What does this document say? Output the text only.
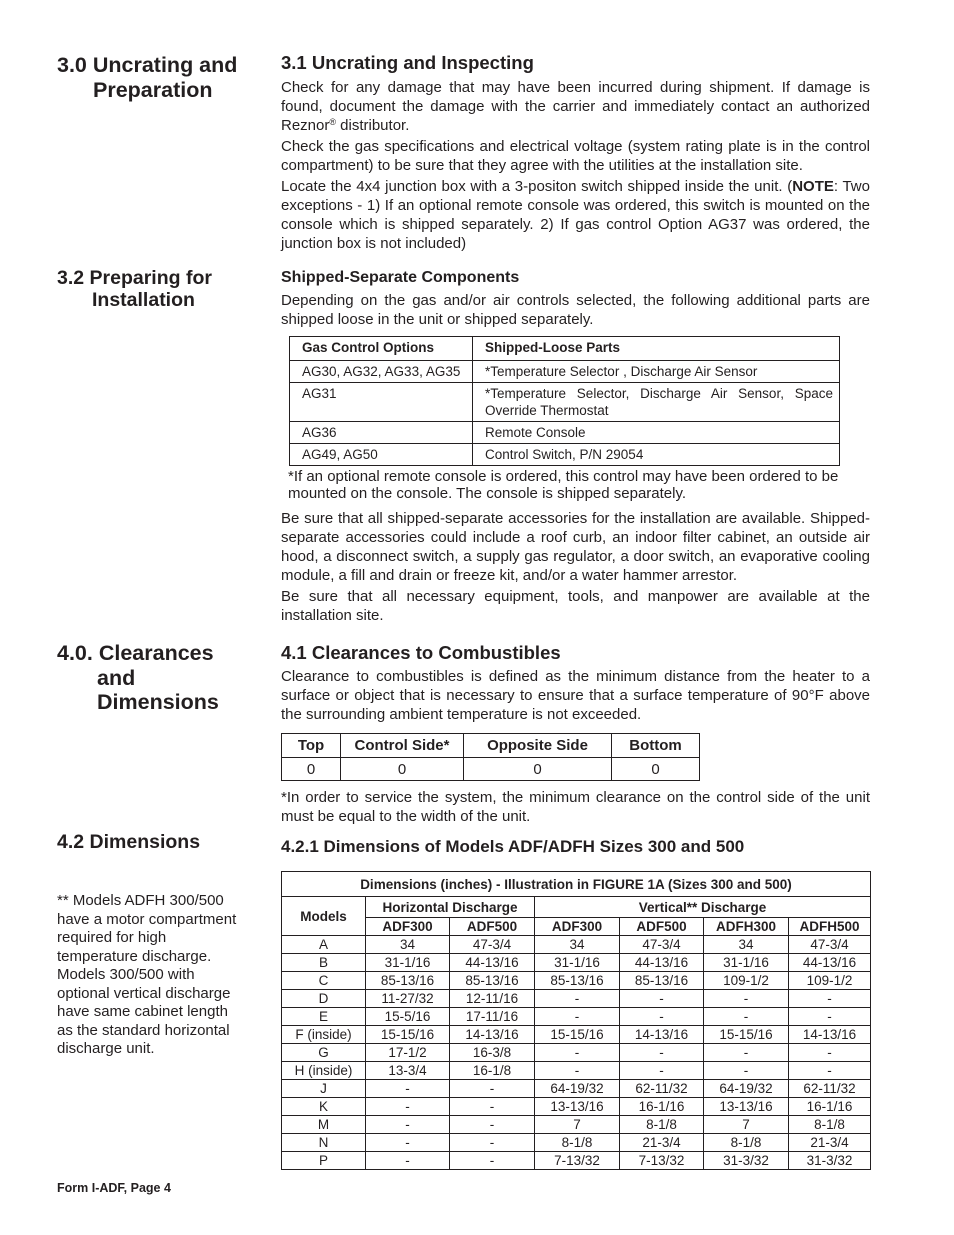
3.0 Uncrating and
Preparation
3.2 Preparing for
Installation
4.0. Clearances
and
Dimensions
4.2 Dimensions
** Models ADFH 300/500 have a motor compartment required for high temperature discharge. Models 300/500 with optional vertical discharge have same cabinet length as the standard horizontal discharge unit.
3.1 Uncrating and Inspecting

Check for any damage that may have been incurred during shipment. If damage is found, document the damage with the carrier and immediately contact an authorized Reznor® distributor.

Check the gas specifications and electrical voltage (system rating plate is in the control compartment) to be sure that they agree with the utilities at the installation site.

Locate the 4x4 junction box with a 3-positon switch shipped inside the unit. (NOTE: Two exceptions - 1) If an optional remote console was ordered, this switch is mounted on the console which is shipped separately. 2) If gas control Option AG37 was ordered, the junction box is not included)

Shipped-Separate Components

Depending on the gas and/or air controls selected, the following additional parts are shipped loose in the unit or shipped separately.

Gas Control Options	Shipped-Loose Parts
AG30, AG32, AG33, AG35	*Temperature Selector , Discharge Air Sensor
AG31	*Temperature Selector, Discharge Air Sensor, Space Override Thermostat
AG36	Remote Console
AG49, AG50	Control Switch, P/N 29054

*If an optional remote console is ordered, this control may have been ordered to be mounted on the console. The console is shipped separately.

Be sure that all shipped-separate accessories for the installation are available. Shipped-separate accessories could include a roof curb, an indoor filter cabinet, an outside air hood, a disconnect switch, a supply gas regulator, a door switch, an evaporative cooling module, a fill and drain or freeze kit, and/or a water hammer arrestor.

Be sure that all necessary equipment, tools, and manpower are available at the installation site.

4.1 Clearances to Combustibles

Clearance to combustibles is defined as the minimum distance from the heater to a surface or object that is necessary to ensure that a surface temperature of 90°F above the surrounding ambient temperature is not exceeded.

Top	Control Side*	Opposite Side	Bottom
0	0	0	0

*In order to service the system, the minimum clearance on the control side of the unit must be equal to the width of the unit.

4.2.1 Dimensions of Models ADF/ADFH Sizes 300 and 500
Dimensions (inches) - Illustration in FIGURE 1A (Sizes 300 and 500)						
Models	Horizontal Discharge		Vertical** Discharge			
	ADF300	ADF500	ADF300	ADF500	ADFH300	ADFH500
A	34	47-3/4	34	47-3/4	34	47-3/4
B	31-1/16	44-13/16	31-1/16	44-13/16	31-1/16	44-13/16
C	85-13/16	85-13/16	85-13/16	85-13/16	109-1/2	109-1/2
D	11-27/32	12-11/16	-	-	-	-
E	15-5/16	17-11/16	-	-	-	-
F (inside)	15-15/16	14-13/16	15-15/16	14-13/16	15-15/16	14-13/16
G	17-1/2	16-3/8	-	-	-	-
H (inside)	13-3/4	16-1/8	-	-	-	-
J	-	-	64-19/32	62-11/32	64-19/32	62-11/32
K	-	-	13-13/16	16-1/16	13-13/16	16-1/16
M	-	-	7	8-1/8	7	8-1/8
N	-	-	8-1/8	21-3/4	8-1/8	21-3/4
P	-	-	7-13/32	7-13/32	31-3/32	31-3/32
Form I-ADF, Page 4
